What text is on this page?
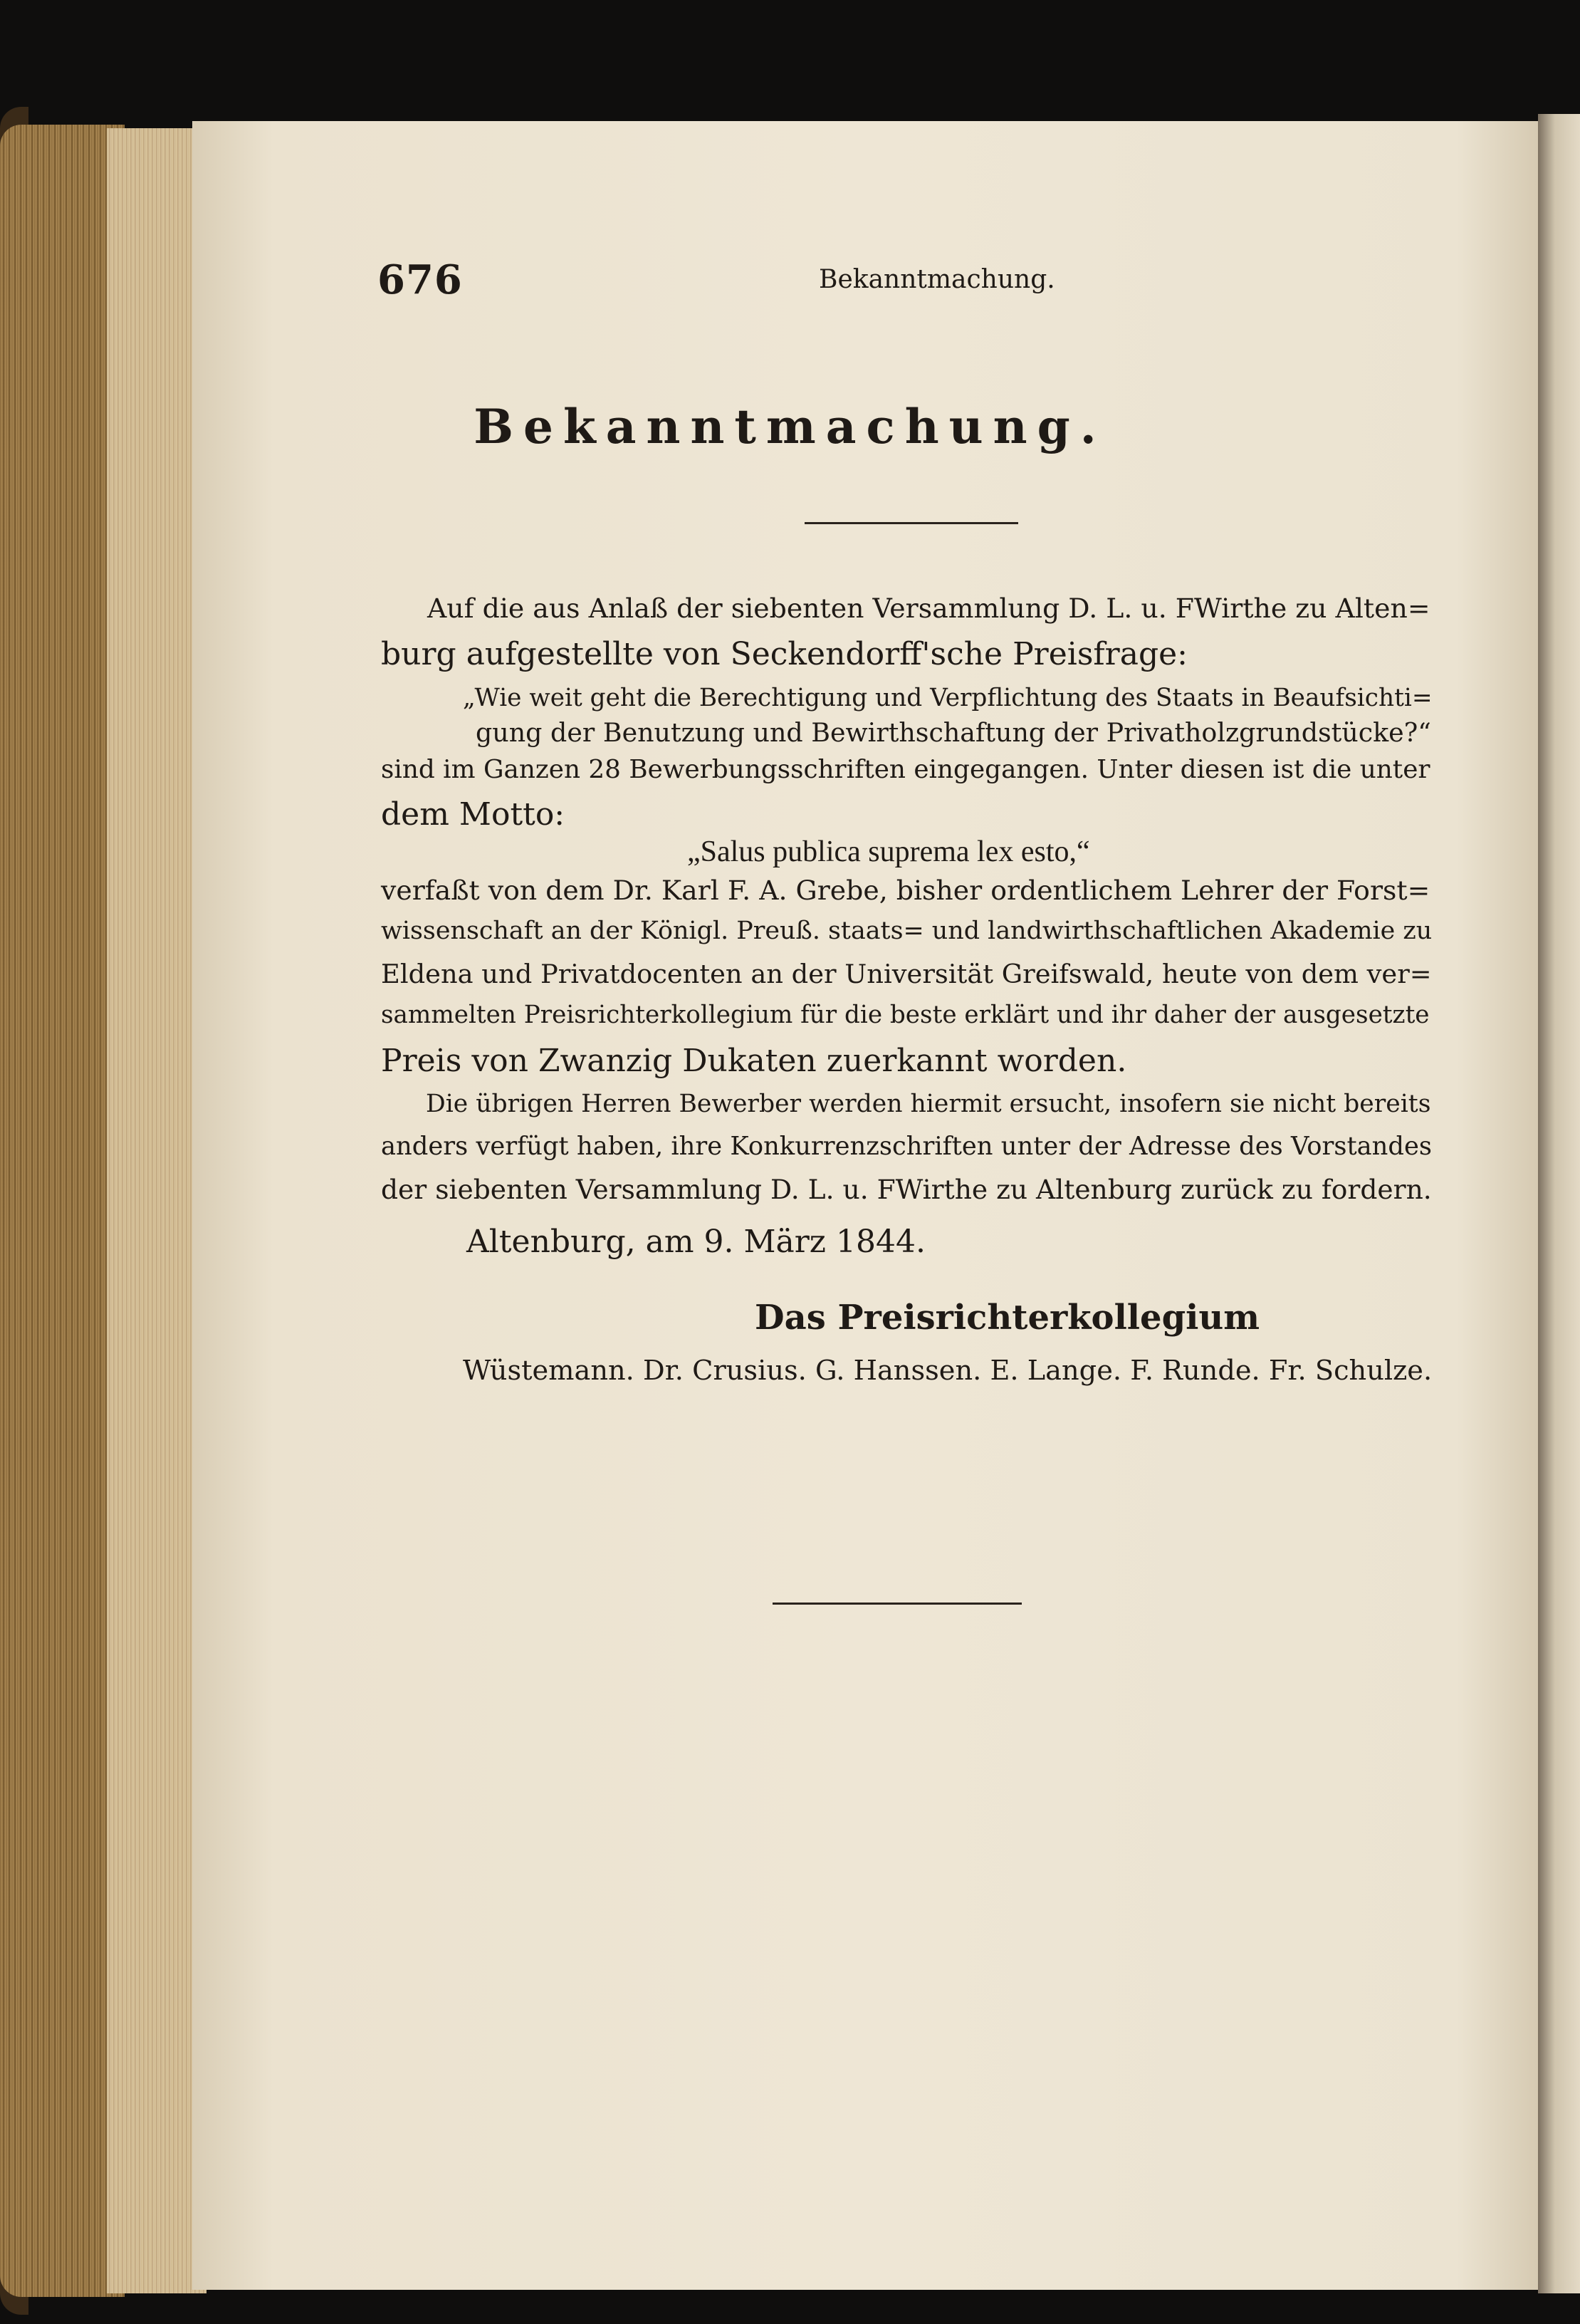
676	Bekanntmachung.
Bekanntmachung.
Auf die aus Anlaß der siebenten Versammlung D. L. u. FWirthe zu Alten=
burg aufgestellte von Seckendorff'sche Preisfrage:
„Wie weit geht die Berechtigung und Verpflichtung des Staats in Beaufsichti=
gung der Benutzung und Bewirthschaftung der Privatholzgrundstücke?“
sind im Ganzen 28 Bewerbungsschriften eingegangen. Unter diesen ist die unter
dem Motto:
„Salus publica suprema lex esto,“
verfaßt von dem Dr. Karl F. A. Grebe, bisher ordentlichem Lehrer der Forst=
wissenschaft an der Königl. Preuß. staats= und landwirthschaftlichen Akademie zu
Eldena und Privatdocenten an der Universität Greifswald, heute von dem ver=
sammelten Preisrichterkollegium für die beste erklärt und ihr daher der ausgesetzte
Preis von Zwanzig Dukaten zuerkannt worden.
Die übrigen Herren Bewerber werden hiermit ersucht, insofern sie nicht bereits
anders verfügt haben, ihre Konkurrenzschriften unter der Adresse des Vorstandes
der siebenten Versammlung D. L. u. FWirthe zu Altenburg zurück zu fordern.
Altenburg, am 9. März 1844.
Das Preisrichterkollegium
Wüstemann. Dr. Crusius. G. Hanssen. E. Lange. F. Runde. Fr. Schulze.
